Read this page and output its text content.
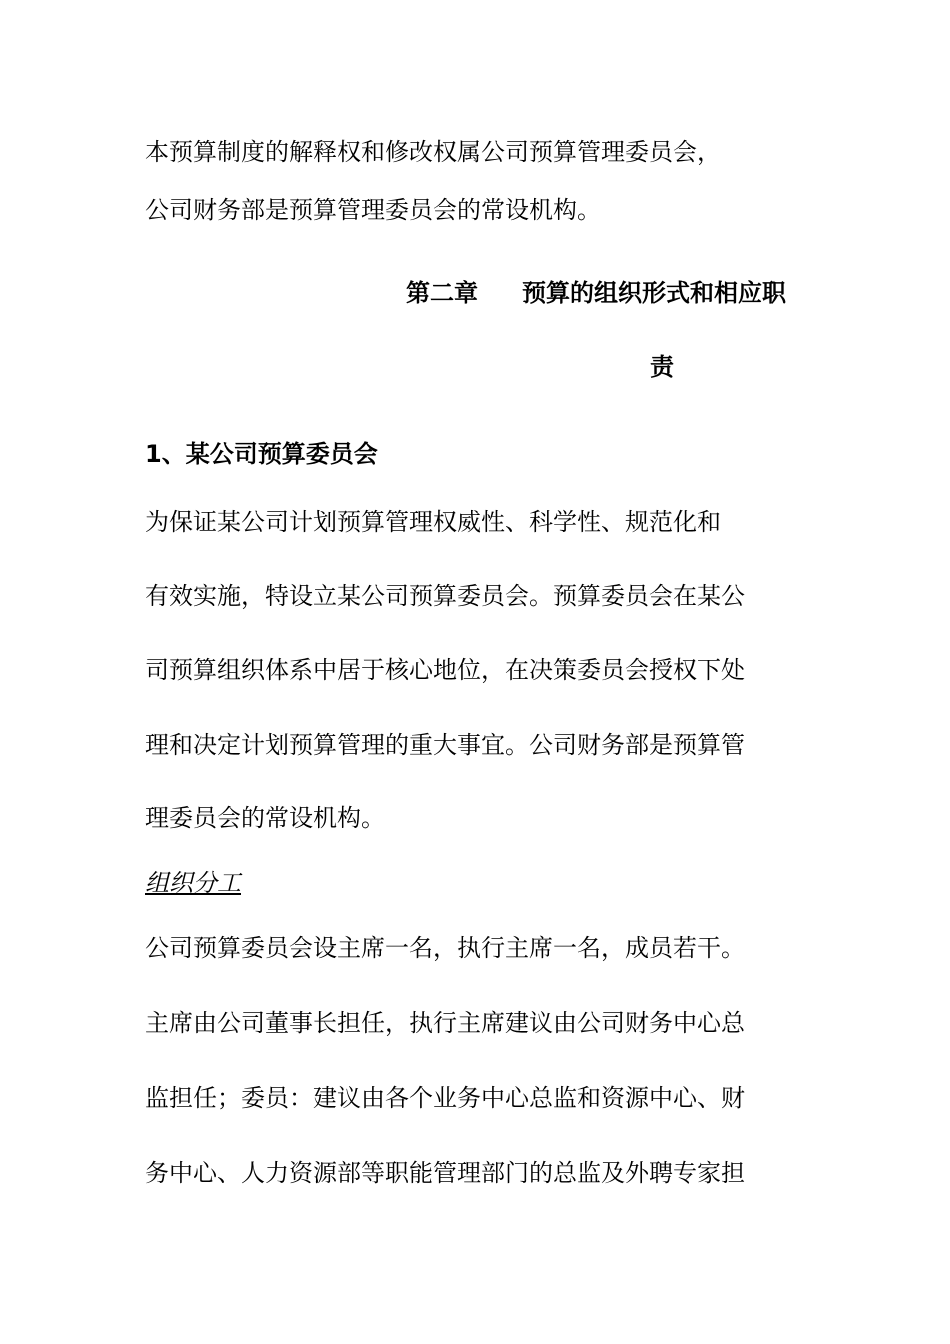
本预算制度的解释权和修改权属公司预算管理委员会，
公司财务部是预算管理委员会的常设机构。
第二章 预算的组织形式和相应职
责
1、某公司预算委员会
为保证某公司计划预算管理权威性、科学性、规范化和
有效实施，特设立某公司预算委员会。预算委员会在某公
司预算组织体系中居于核心地位，在决策委员会授权下处
理和决定计划预算管理的重大事宜。公司财务部是预算管
理委员会的常设机构。
组织分工
公司预算委员会设主席一名，执行主席一名，成员若干。
主席由公司董事长担任，执行主席建议由公司财务中心总
监担任；委员：建议由各个业务中心总监和资源中心、财
务中心、人力资源部等职能管理部门的总监及外聘专家担
